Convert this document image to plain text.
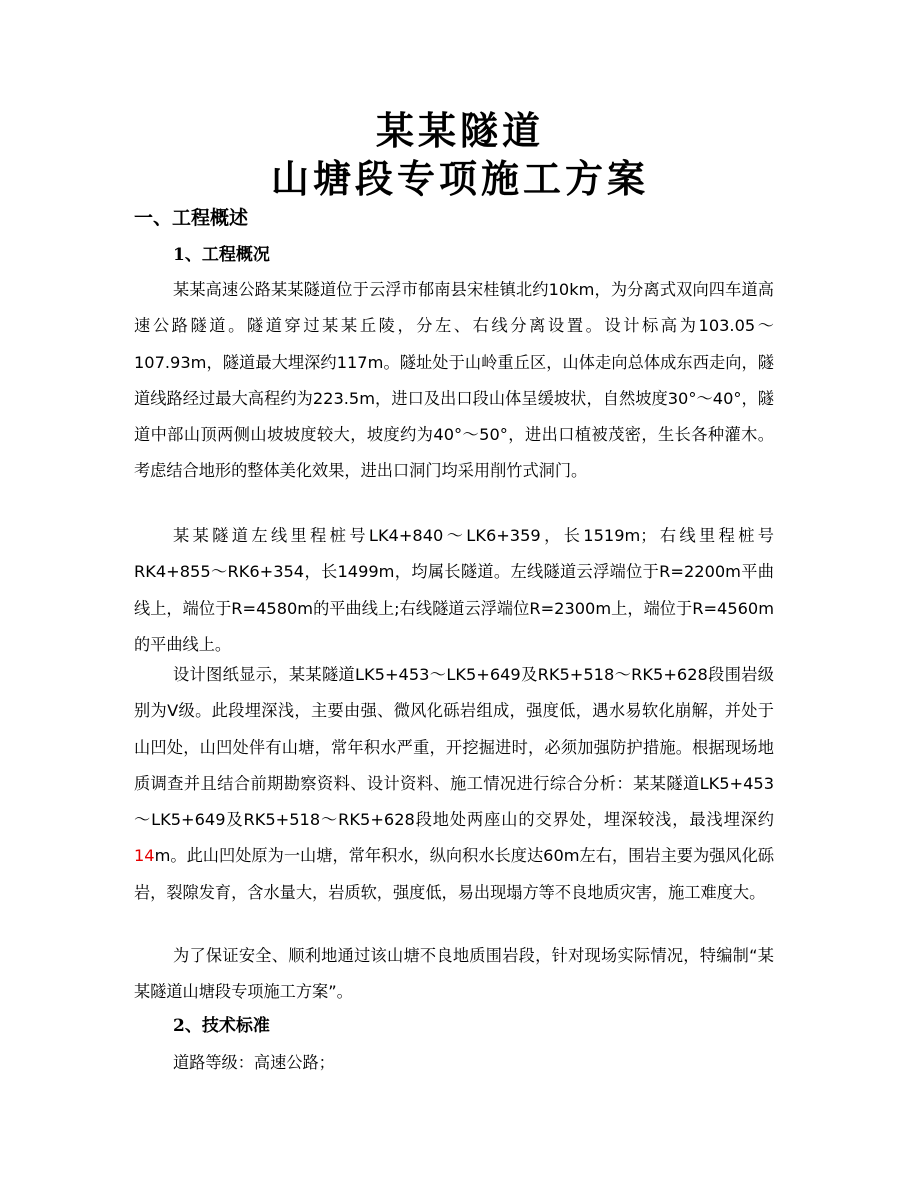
某某隧道
山塘段专项施工方案
一、工程概述
1、工程概况

某某高速公路某某隧道位于云浮市郁南县宋桂镇北约10km，为分离式双向四车道高速公路隧道。隧道穿过某某丘陵，分左、右线分离设置。设计标高为103.05～107.93m，隧道最大埋深约117m。隧址处于山岭重丘区，山体走向总体成东西走向，隧道线路经过最大高程约为223.5m，进口及出口段山体呈缓坡状，自然坡度30°～40°，隧道中部山顶两侧山坡坡度较大，坡度约为40°～50°，进出口植被茂密，生长各种灌木。考虑结合地形的整体美化效果，进出口洞门均采用削竹式洞门。

某某隧道左线里程桩号LK4+840～LK6+359，长1519m；右线里程桩号RK4+855～RK6+354，长1499m，均属长隧道。左线隧道云浮端位于R=2200m平曲线上，端位于R=4580m的平曲线上;右线隧道云浮端位R=2300m上，端位于R=4560m的平曲线上。

设计图纸显示，某某隧道LK5+453～LK5+649及RK5+518～RK5+628段围岩级别为Ⅴ级。此段埋深浅，主要由强、微风化砾岩组成，强度低，遇水易软化崩解，并处于山凹处，山凹处伴有山塘，常年积水严重，开挖掘进时，必须加强防护措施。根据现场地质调查并且结合前期勘察资料、设计资料、施工情况进行综合分析：某某隧道LK5+453～LK5+649及RK5+518～RK5+628段地处两座山的交界处，埋深较浅，最浅埋深约14m。此山凹处原为一山塘，常年积水，纵向积水长度达60m左右，围岩主要为强风化砾岩，裂隙发育，含水量大，岩质软，强度低，易出现塌方等不良地质灾害，施工难度大。

为了保证安全、顺利地通过该山塘不良地质围岩段，针对现场实际情况，特编制“某某隧道山塘段专项施工方案”。

2、技术标准
道路等级：高速公路；
